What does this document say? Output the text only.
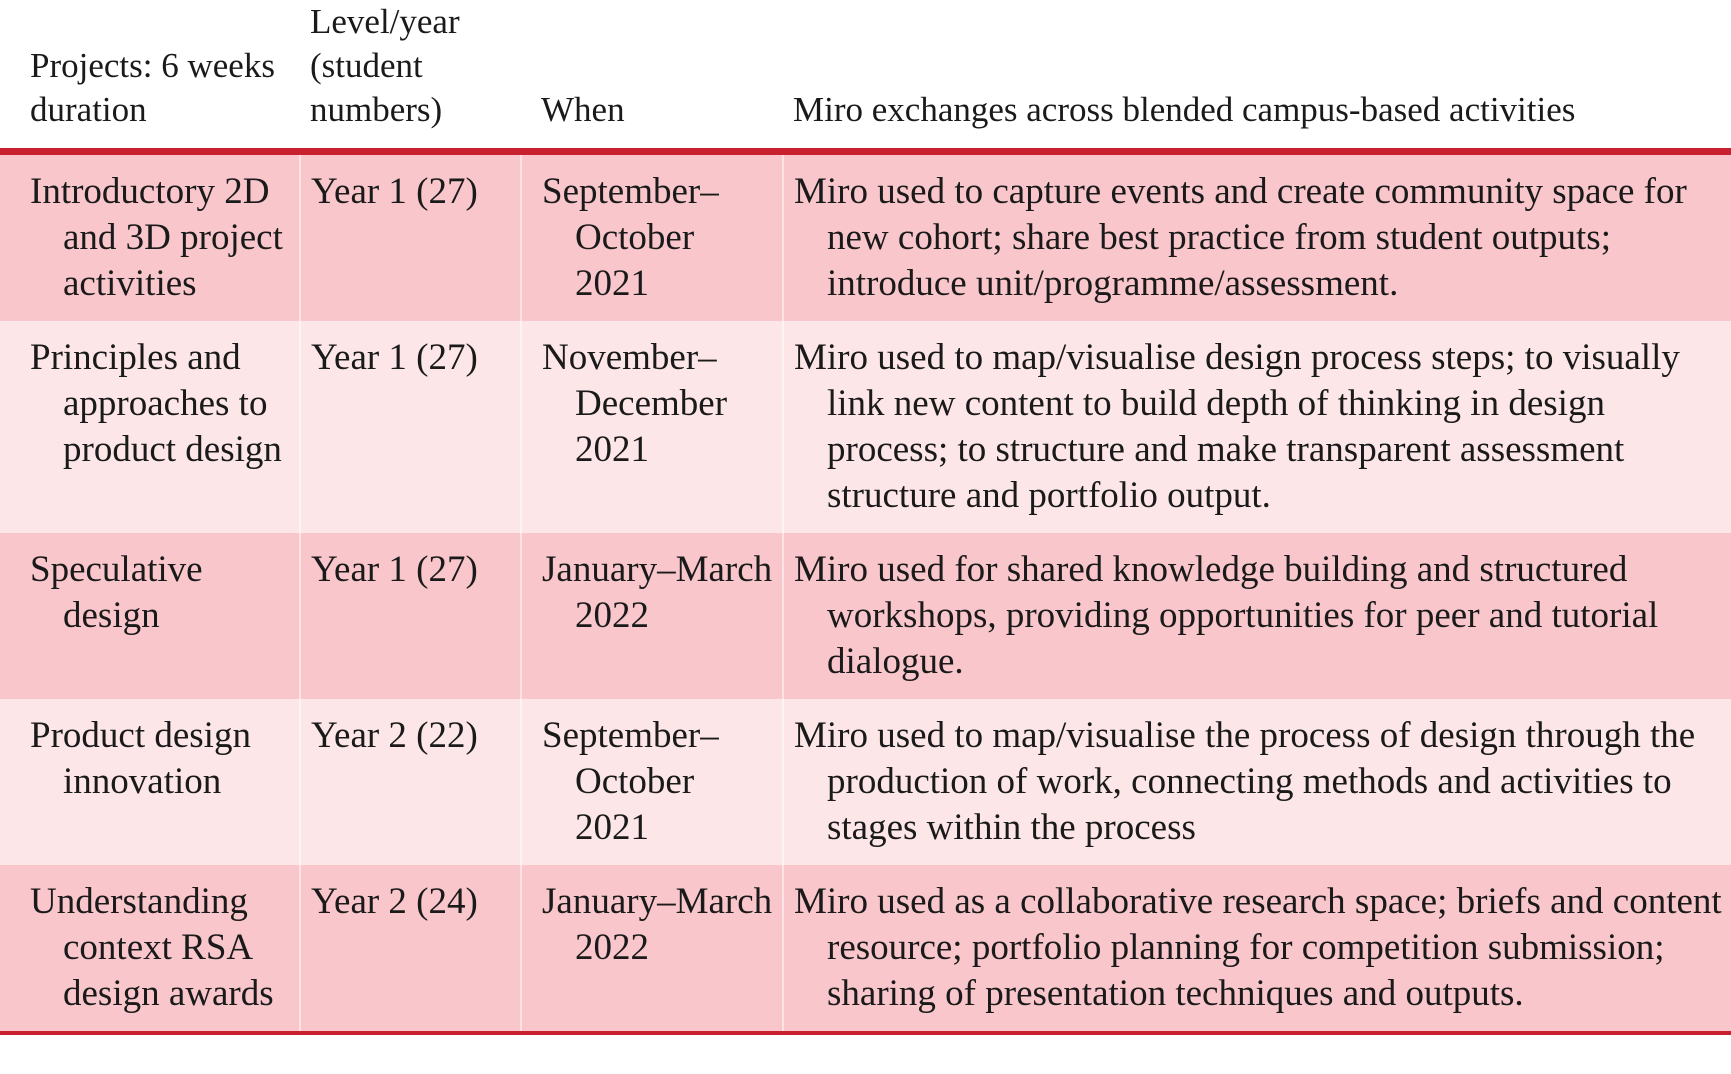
Projects: 6 weeks duration	Level/year (student numbers)	When	Miro exchanges across blended campus-based activities

Introductory 2D and 3D project activities	Year 1 (27)	September–October 2021	Miro used to capture events and create community space for new cohort; share best practice from student outputs; introduce unit/programme/assessment.

Principles and approaches to product design	Year 1 (27)	November–December 2021	Miro used to map/visualise design process steps; to visually link new content to build depth of thinking in design process; to structure and make transparent assessment structure and portfolio output.

Speculative design	Year 1 (27)	January–March 2022	Miro used for shared knowledge building and structured workshops, providing opportunities for peer and tutorial dialogue.

Product design innovation	Year 2 (22)	September–October 2021	Miro used to map/visualise the process of design through the production of work, connecting methods and activities to stages within the process

Understanding context RSA design awards	Year 2 (24)	January–March 2022	Miro used as a collaborative research space; briefs and content resource; portfolio planning for competition submission; sharing of presentation techniques and outputs.
